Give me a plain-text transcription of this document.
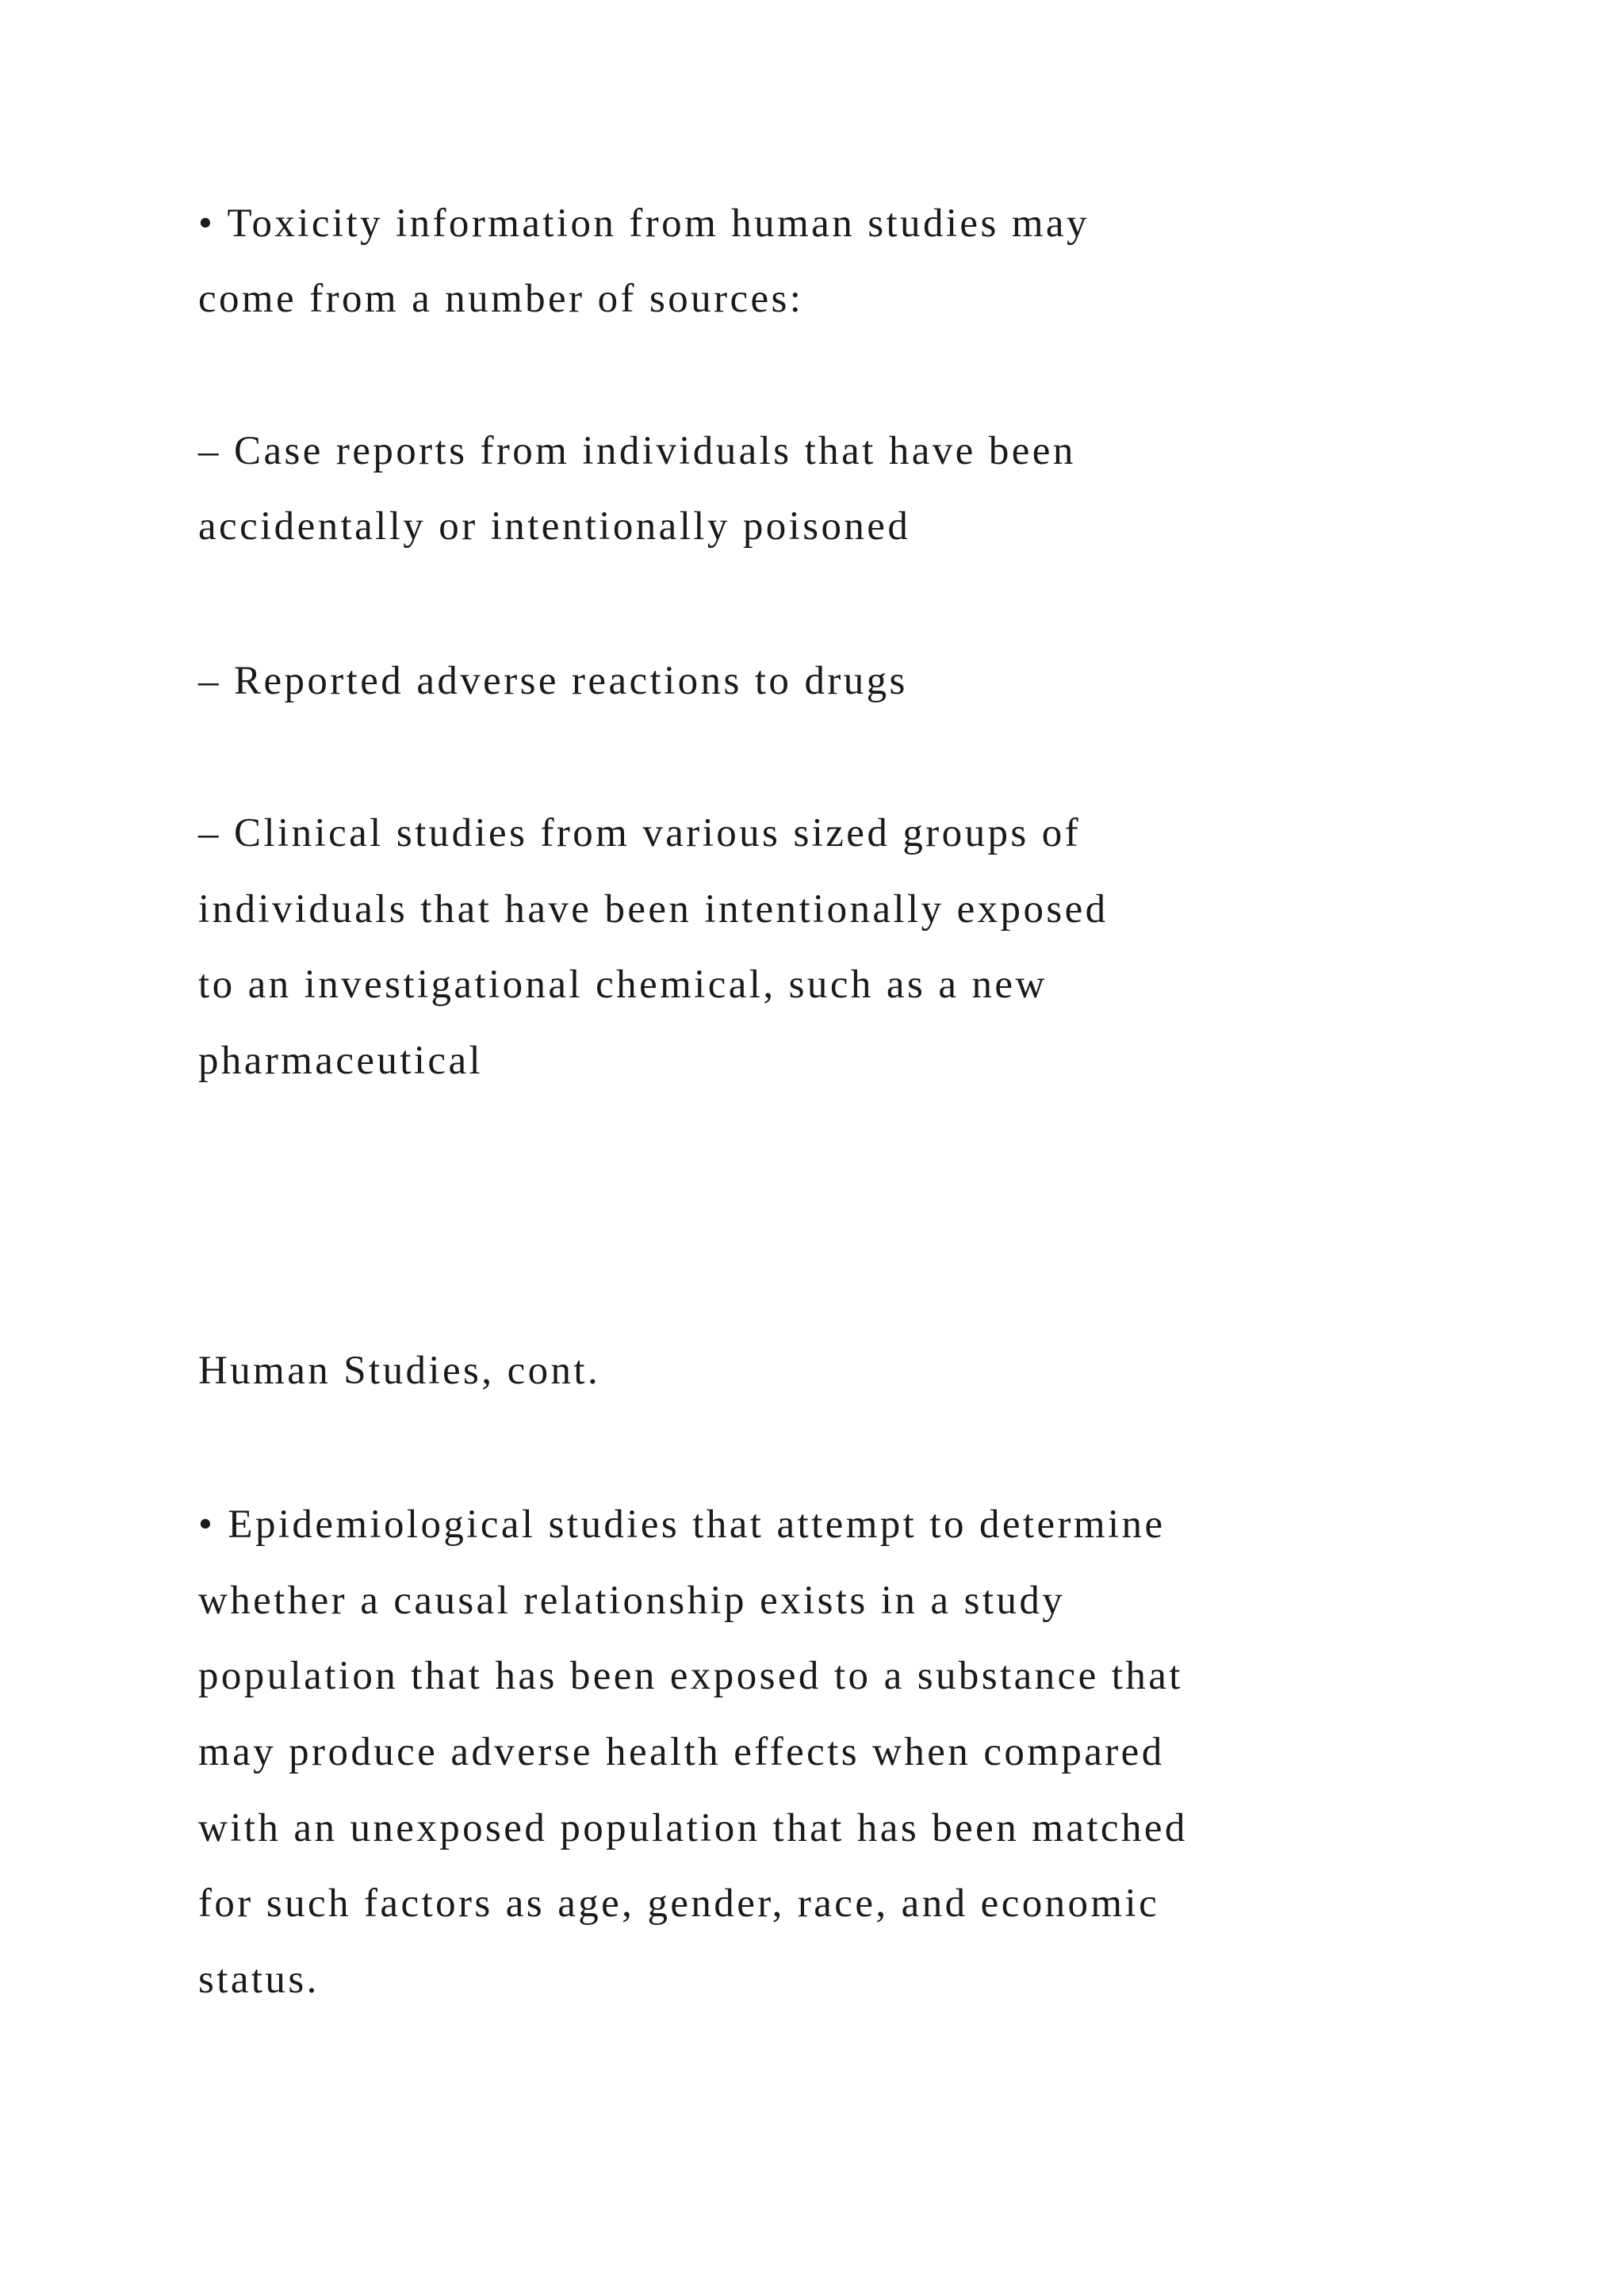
• Toxicity information from human studies may

come from a number of sources:

– Case reports from individuals that have been

accidentally or intentionally poisoned

– Reported adverse reactions to drugs

– Clinical studies from various sized groups of

individuals that have been intentionally exposed

to an investigational chemical, such as a new

pharmaceutical

Human Studies, cont.

• Epidemiological studies that attempt to determine

whether a causal relationship exists in a study

population that has been exposed to a substance that

may produce adverse health effects when compared

with an unexposed population that has been matched

for such factors as age, gender, race, and economic

status.
